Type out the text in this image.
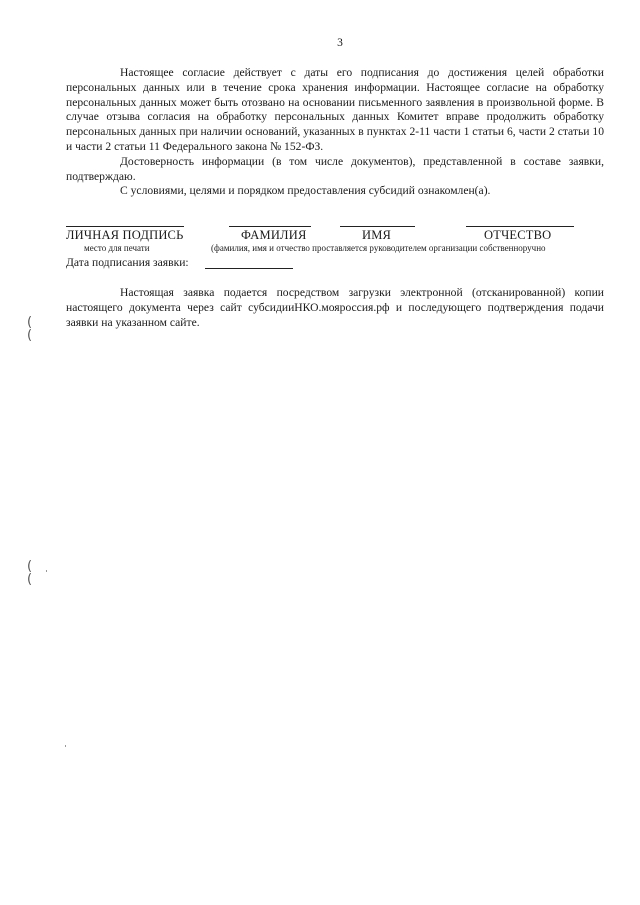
3

Настоящее согласие действует с даты его подписания до достижения целей обработки персональных данных или в течение срока хранения информации. Настоящее согласие на обработку персональных данных может быть отозвано на основании письменного заявления в произвольной форме. В случае отзыва согласия на обработку персональных данных Комитет вправе продолжить обработку персональных данных при наличии оснований, указанных в пунктах 2-11 части 1 статьи 6, части 2 статьи 10 и части 2 статьи 11 Федерального закона № 152-ФЗ.

Достоверность информации (в том числе документов), представленной в составе заявки, подтверждаю.

С условиями, целями и порядком предоставления субсидий ознакомлен(а).

ЛИЧНАЯ ПОДПИСЬ	ФАМИЛИЯ	ИМЯ	ОТЧЕСТВО
место для печати	(фамилия, имя и отчество проставляется руководителем организации собственноручно
Дата подписания заявки:

Настоящая заявка подается посредством загрузки электронной (отсканированной) копии настоящего документа через сайт субсидииНКО.мояроссия.рф и последующего подтверждения подачи заявки на указанном сайте.

(
(
(
(
